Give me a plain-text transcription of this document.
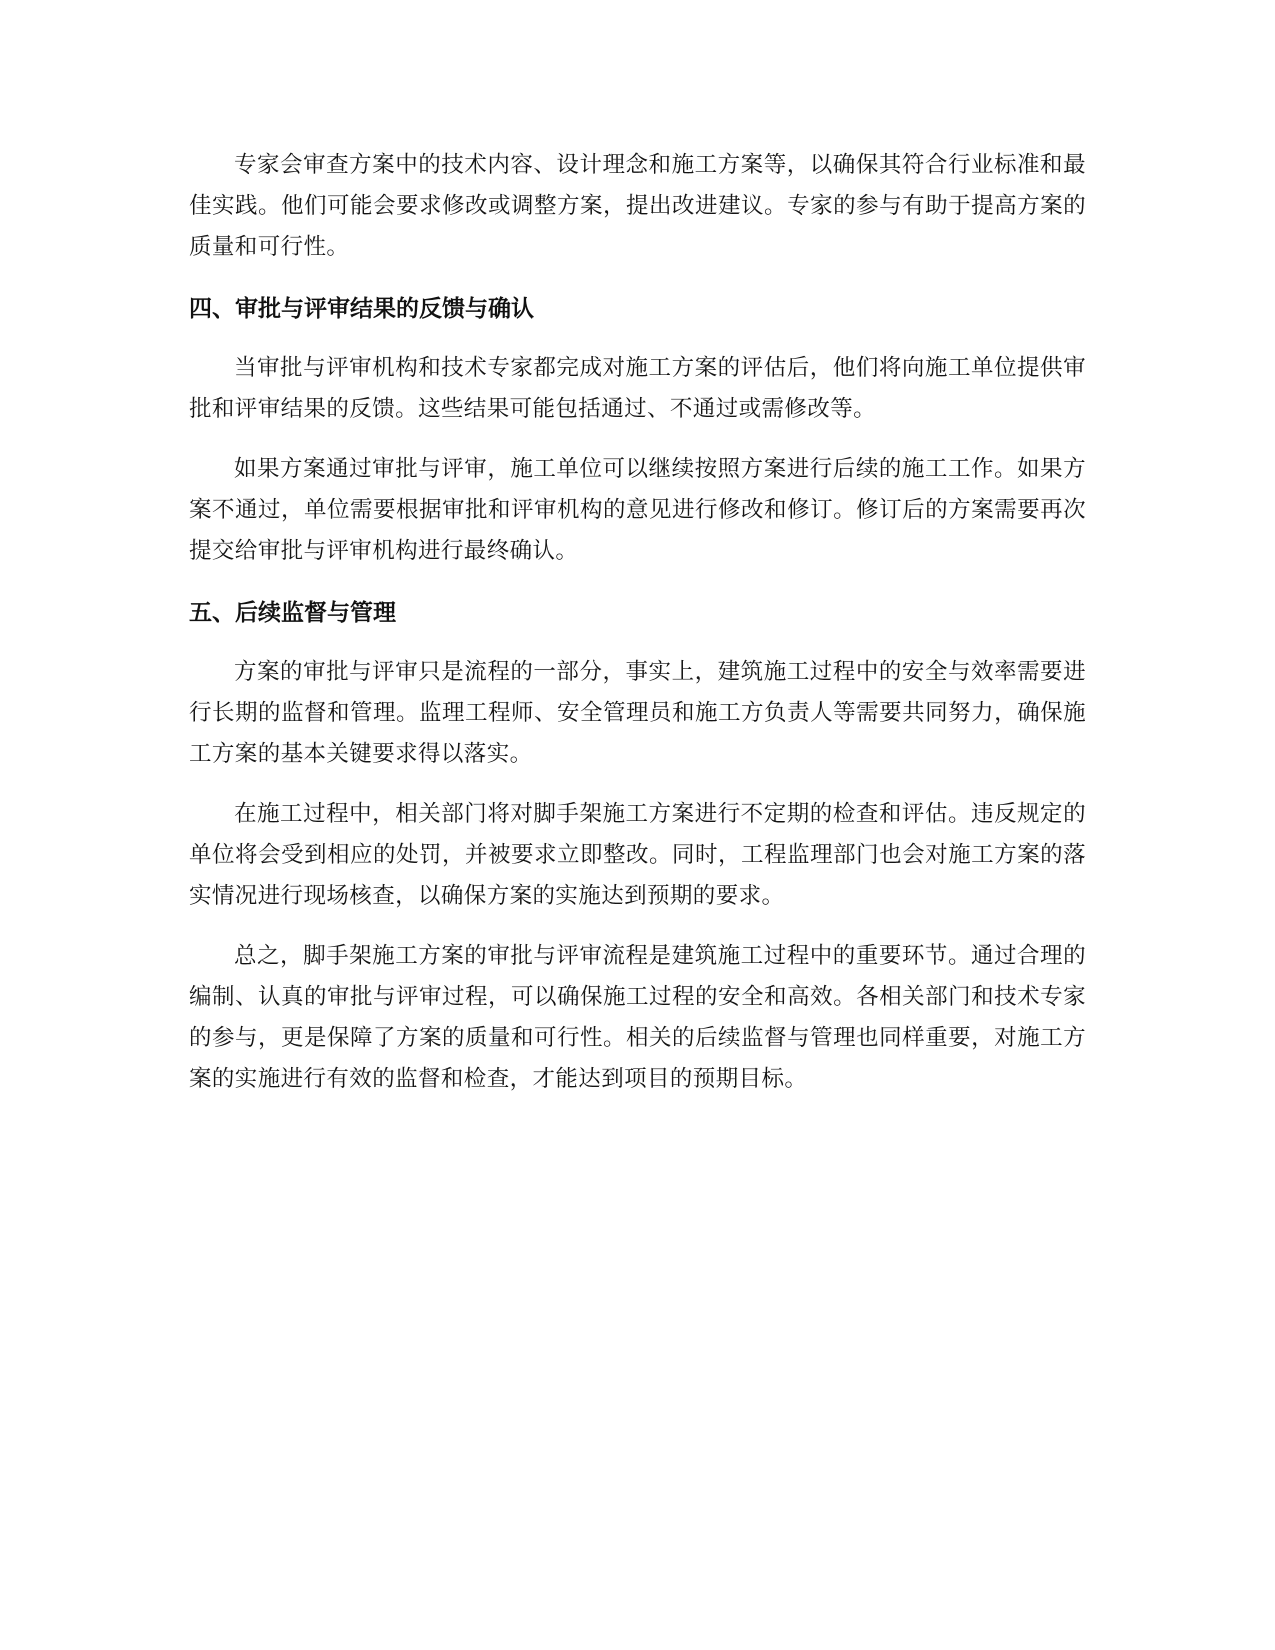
专家会审查方案中的技术内容、设计理念和施工方案等，以确保其符合行业标准和最佳实践。他们可能会要求修改或调整方案，提出改进建议。专家的参与有助于提高方案的质量和可行性。

四、审批与评审结果的反馈与确认

当审批与评审机构和技术专家都完成对施工方案的评估后，他们将向施工单位提供审批和评审结果的反馈。这些结果可能包括通过、不通过或需修改等。

如果方案通过审批与评审，施工单位可以继续按照方案进行后续的施工工作。如果方案不通过，单位需要根据审批和评审机构的意见进行修改和修订。修订后的方案需要再次提交给审批与评审机构进行最终确认。

五、后续监督与管理

方案的审批与评审只是流程的一部分，事实上，建筑施工过程中的安全与效率需要进行长期的监督和管理。监理工程师、安全管理员和施工方负责人等需要共同努力，确保施工方案的基本关键要求得以落实。

在施工过程中，相关部门将对脚手架施工方案进行不定期的检查和评估。违反规定的单位将会受到相应的处罚，并被要求立即整改。同时，工程监理部门也会对施工方案的落实情况进行现场核查，以确保方案的实施达到预期的要求。

总之，脚手架施工方案的审批与评审流程是建筑施工过程中的重要环节。通过合理的编制、认真的审批与评审过程，可以确保施工过程的安全和高效。各相关部门和技术专家的参与，更是保障了方案的质量和可行性。相关的后续监督与管理也同样重要，对施工方案的实施进行有效的监督和检查，才能达到项目的预期目标。
